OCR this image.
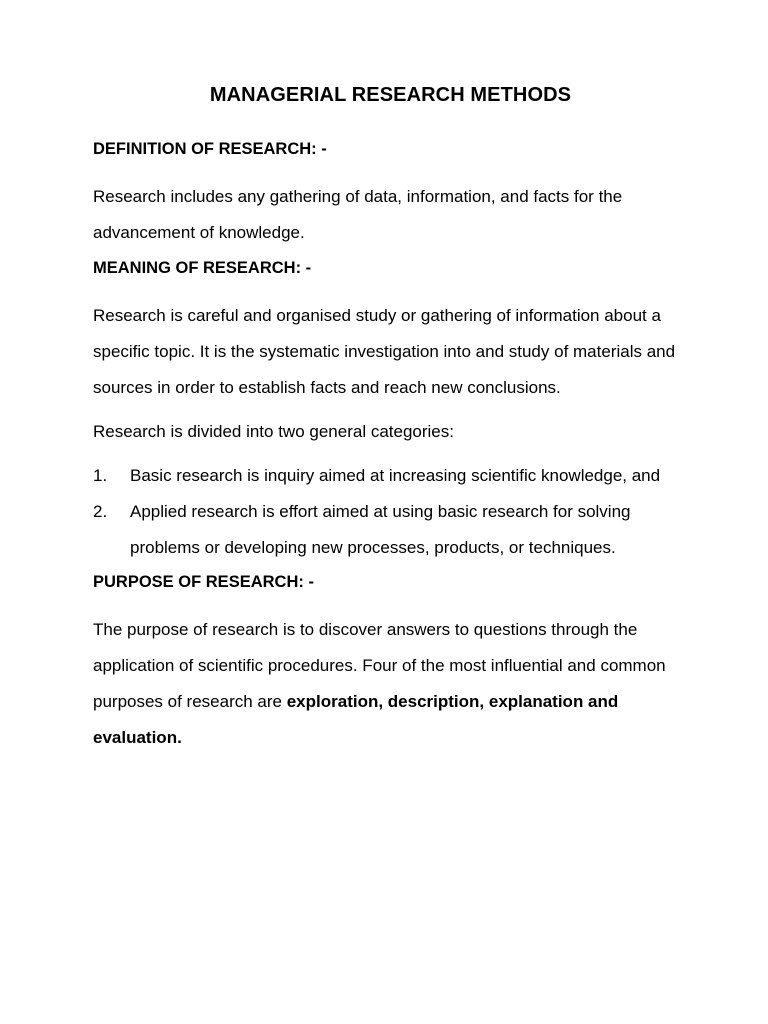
MANAGERIAL RESEARCH METHODS
DEFINITION OF RESEARCH: -

Research includes any gathering of data, information, and facts for the advancement of knowledge.

MEANING OF RESEARCH: -

Research is careful and organised study or gathering of information about a specific topic. It is the systematic investigation into and study of materials and sources in order to establish facts and reach new conclusions.

Research is divided into two general categories:

1.	Basic research is inquiry aimed at increasing scientific knowledge, and
2.	Applied research is effort aimed at using basic research for solving problems or developing new processes, products, or techniques.
PURPOSE OF RESEARCH: -

The purpose of research is to discover answers to questions through the application of scientific procedures. Four of the most influential and common purposes of research are exploration, description, explanation and evaluation.
